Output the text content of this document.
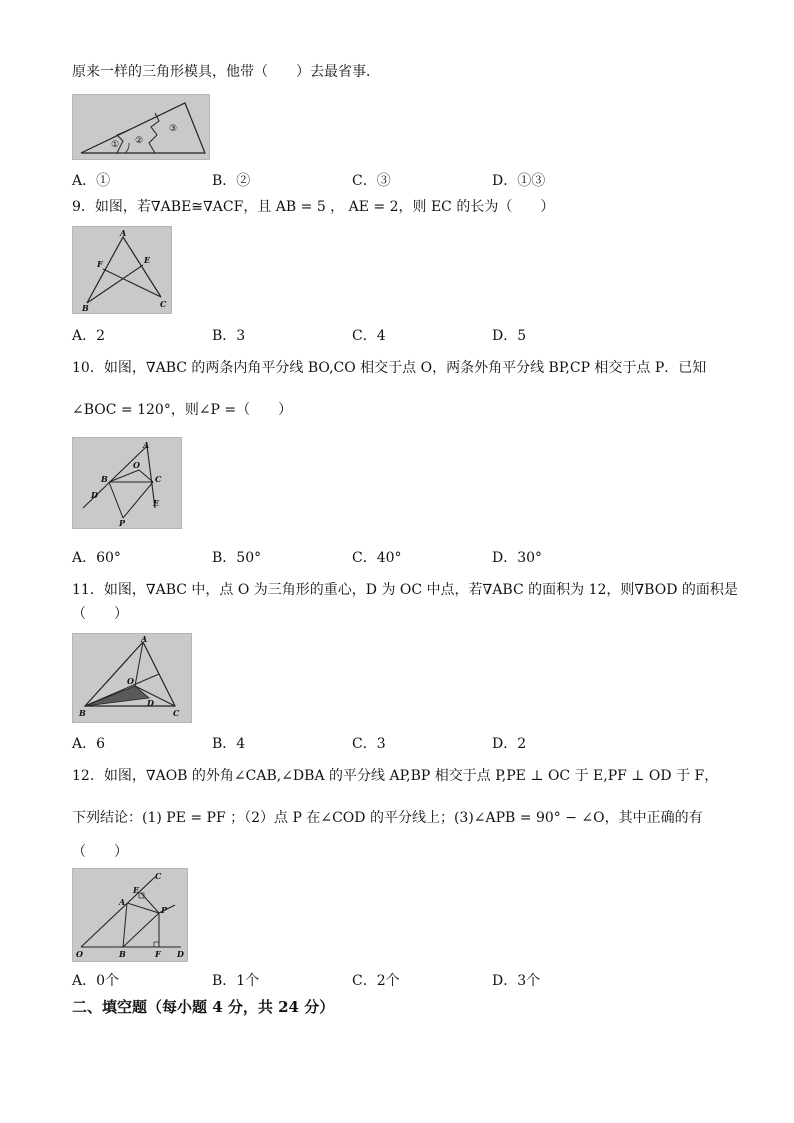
原来一样的三角形模具，他带（　　）去最省事．
① ②
③
A．①	B．②	C．③	D．①③
9．如图，若∇ABE≅∇ACF，且 AB = 5 ， AE = 2，则 EC 的长为（　　）
A
F	E
B	C
A．2	B．3	C．4	D．5
10．如图，∇ABC 的两条内角平分线 BO,CO 相交于点 O，两条外角平分线 BP,CP 相交于点 P．已知
∠BOC = 120°，则∠P =（　　）
A
O
B	C
D
E
P
A．60°	B．50°	C．40°	D．30°
11．如图，∇ABC 中，点 O 为三角形的重心，D 为 OC 中点，若∇ABC 的面积为 12，则∇BOD 的面积是
（　　）
A
O
D
B	C
A．6	B．4	C．3	D．2
12．如图，∇AOB 的外角∠CAB,∠DBA 的平分线 AP,BP 相交于点 P,PE ⊥ OC 于 E,PF ⊥ OD 于 F，
下列结论：(1) PE = PF ；（2）点 P 在∠COD 的平分线上；(3)∠APB = 90° − ∠O，其中正确的有
（　　）
C
E
A
P
O	B	F D
A．0个	B．1个	C．2个	D．3个
二、填空题（每小题 4 分，共 24 分）
